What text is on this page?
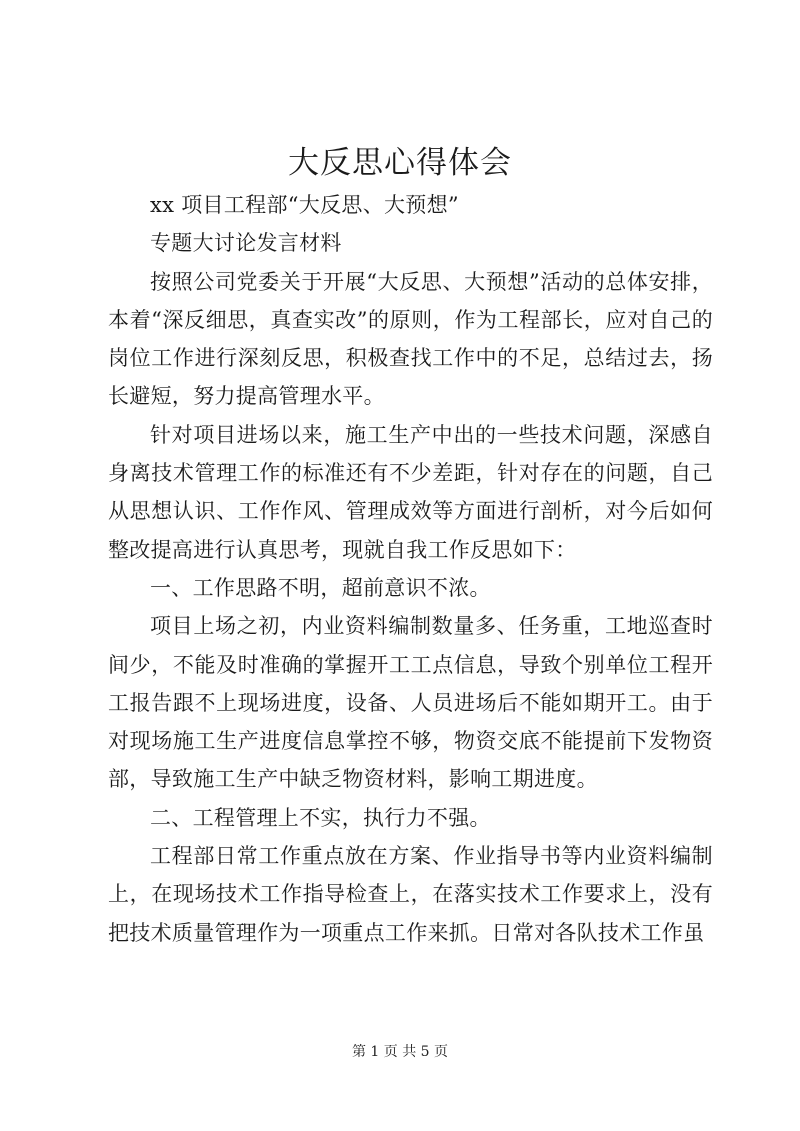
大反思心得体会

xx 项目工程部“大反思、大预想”

专题大讨论发言材料

按照公司党委关于开展“大反思、大预想”活动的总体安排，本着“深反细思，真查实改”的原则，作为工程部长，应对自己的岗位工作进行深刻反思，积极查找工作中的不足，总结过去，扬长避短，努力提高管理水平。

针对项目进场以来，施工生产中出的一些技术问题，深感自身离技术管理工作的标准还有不少差距，针对存在的问题，自己从思想认识、工作作风、管理成效等方面进行剖析，对今后如何整改提高进行认真思考，现就自我工作反思如下：

一、工作思路不明，超前意识不浓。

项目上场之初，内业资料编制数量多、任务重，工地巡查时间少，不能及时准确的掌握开工工点信息，导致个别单位工程开工报告跟不上现场进度，设备、人员进场后不能如期开工。由于对现场施工生产进度信息掌控不够，物资交底不能提前下发物资部，导致施工生产中缺乏物资材料，影响工期进度。

二、工程管理上不实，执行力不强。

工程部日常工作重点放在方案、作业指导书等内业资料编制上，在现场技术工作指导检查上，在落实技术工作要求上，没有把技术质量管理作为一项重点工作来抓。日常对各队技术工作虽

第 1 页 共 5 页
